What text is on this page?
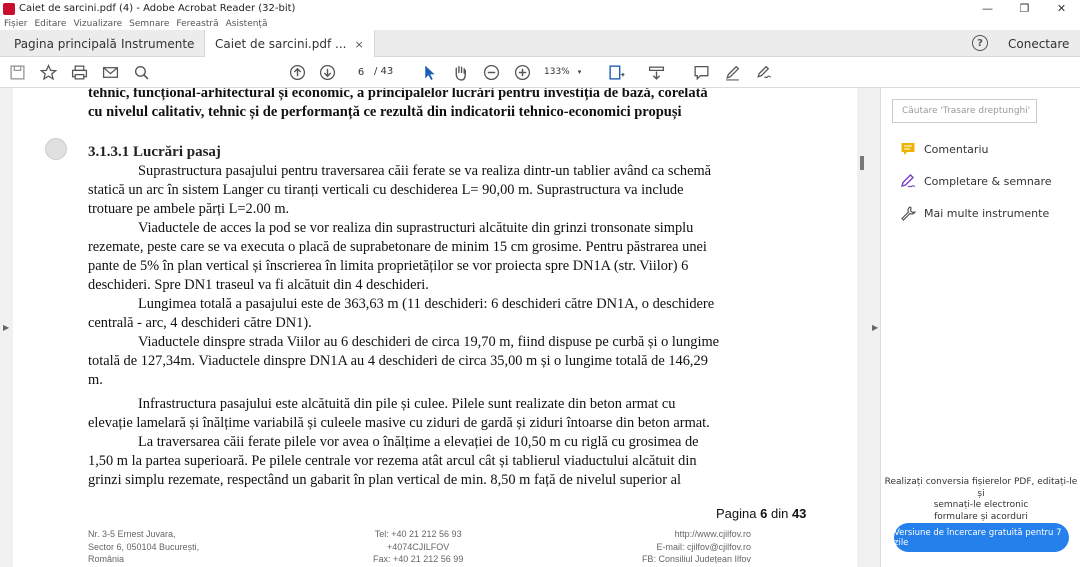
Caiet de sarcini.pdf (4) - Adobe Acrobat Reader (32-bit)	—	❐	✕
Fișier Editare Vizualizare Semnare Fereastră Asistență
Pagina principală Instrumente Caiet de sarcini.pdf ... ×	?	Conectare
6 / 43	133% ▾
▶
tehnic, funcțional-arhitectural și economic, a principalelor lucrări pentru investiția de bază, corelată
cu nivelul calitativ, tehnic și de performanță ce rezultă din indicatorii tehnico-economici propuși
3.1.3.1 Lucrări pasaj
Suprastructura pasajului pentru traversarea căii ferate se va realiza dintr-un tablier având ca schemă
statică un arc în sistem Langer cu tiranți verticali cu deschiderea L= 90,00 m. Suprastructura va include
trotuare pe ambele părți L=2.00 m.
Viaductele de acces la pod se vor realiza din suprastructuri alcătuite din grinzi tronsonate simplu
rezemate, peste care se va executa o placă de suprabetonare de minim 15 cm grosime. Pentru păstrarea unei
pante de 5% în plan vertical și înscrierea în limita proprietăților se vor proiecta spre DN1A (str. Viilor) 6
deschideri. Spre DN1 traseul va fi alcătuit din 4 deschideri.
Lungimea totală a pasajului este de 363,63 m (11 deschideri: 6 deschideri către DN1A, o deschidere
centrală - arc, 4 deschideri către DN1).
Viaductele dinspre strada Viilor au 6 deschideri de circa 19,70 m, fiind dispuse pe curbă și o lungime
totală de 127,34m. Viaductele dinspre DN1A au 4 deschideri de circa 35,00 m și o lungime totală de 146,29
m.
Infrastructura pasajului este alcătuită din pile și culee. Pilele sunt realizate din beton armat cu
elevație lamelară și înălțime variabilă și culeele masive cu ziduri de gardă și ziduri întoarse din beton armat.
La traversarea căii ferate pilele vor avea o înălțime a elevației de 10,50 m cu riglă cu grosimea de
1,50 m la partea superioară. Pe pilele centrale vor rezema atât arcul cât și tablierul viaductului alcătuit din
grinzi simplu rezemate, respectând un gabarit în plan vertical de min. 8,50 m față de nivelul superior al
Pagina 6 din 43
Nr. 3-5 Ernest Juvara,
Sector 6, 050104 București,
România
Tel: +40 21 212 56 93
+4074CJILFOV
Fax: +40 21 212 56 99
http://www.cjilfov.ro
E-mail: cjilfov@cjilfov.ro
FB: Consiliul Județean Ilfov
▶
Căutare 'Trasare dreptunghi'
Comentariu
Completare & semnare
Mai multe instrumente
Realizați conversia fișierelor PDF, editați-le și
semnați-le electronic
formulare și acorduri
Versiune de încercare gratuită pentru 7 zile
